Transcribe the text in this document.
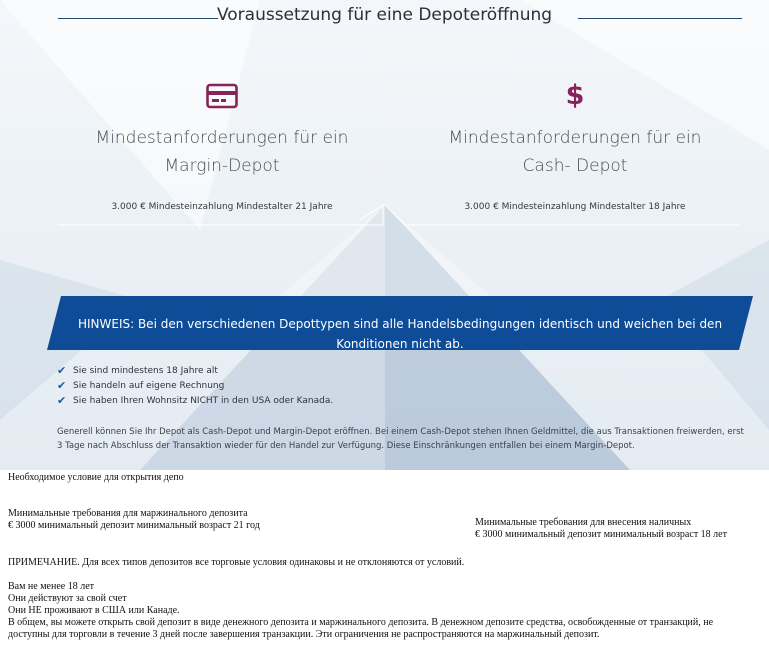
Voraussetzung für eine Depoteröffnung
Mindestanforderungen für ein
Margin-Depot
3.000 € Mindesteinzahlung Mindestalter 21 Jahre
$
Mindestanforderungen für ein
Cash- Depot
3.000 € Mindesteinzahlung Mindestalter 18 Jahre
HINWEIS: Bei den verschiedenen Depottypen sind alle Handelsbedingungen identisch und weichen bei den Konditionen nicht ab.
✔ Sie sind mindestens 18 Jahre alt
✔ Sie handeln auf eigene Rechnung
✔ Sie haben Ihren Wohnsitz NICHT in den USA oder Kanada.
Generell können Sie Ihr Depot als Cash-Depot und Margin-Depot eröffnen. Bei einem Cash-Depot stehen Ihnen Geldmittel, die aus Transaktionen freiwerden, erst 3 Tage nach Abschluss der Transaktion wieder für den Handel zur Verfügung. Diese Einschränkungen entfallen bei einem Margin-Depot.
Необходимое условие для открытия депо
Минимальные требования для маржинального депозита
€ 3000 минимальный депозит минимальный возраст 21 год	Минимальные требования для внесения наличных
€ 3000 минимальный депозит минимальный возраст 18 лет
ПРИМЕЧАНИЕ. Для всех типов депозитов все торговые условия одинаковы и не отклоняются от условий.
Вам не менее 18 лет
Они действуют за свой счет
Они НЕ проживают в США или Канаде.
В общем, вы можете открыть свой депозит в виде денежного депозита и маржинального депозита. В денежном депозите средства, освобожденные от транзакций, не
доступны для торговли в течение 3 дней после завершения транзакции. Эти ограничения не распространяются на маржинальный депозит.
